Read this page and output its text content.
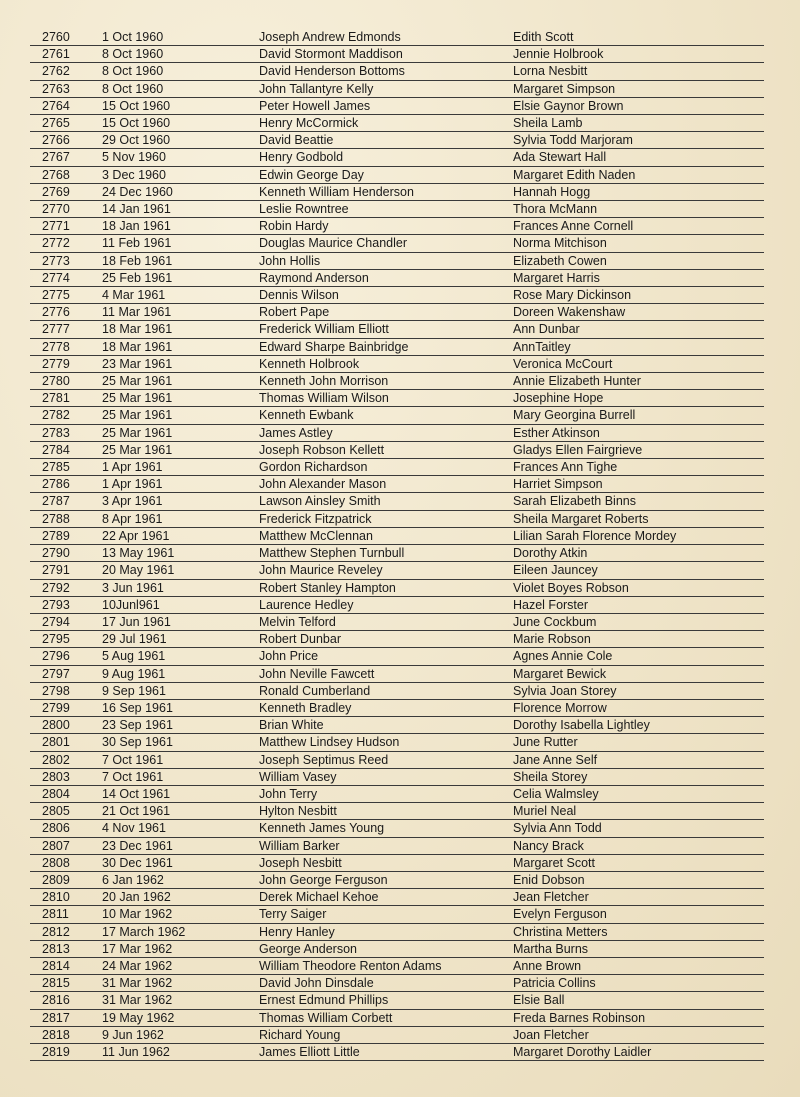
2760	1 Oct 1960	Joseph Andrew Edmonds	Edith Scott
2761	8 Oct 1960	David Stormont Maddison	Jennie Holbrook
2762	8 Oct 1960	David Henderson Bottoms	Lorna Nesbitt
2763	8 Oct 1960	John Tallantyre Kelly	Margaret Simpson
2764	15 Oct 1960	Peter Howell James	Elsie Gaynor Brown
2765	15 Oct 1960	Henry McCormick	Sheila Lamb
2766	29 Oct 1960	David Beattie	Sylvia Todd Marjoram
2767	5 Nov 1960	Henry Godbold	Ada Stewart Hall
2768	3 Dec 1960	Edwin George Day	Margaret Edith Naden
2769	24 Dec 1960	Kenneth William Henderson	Hannah Hogg
2770	14 Jan 1961	Leslie Rowntree	Thora McMann
2771	18 Jan 1961	Robin Hardy	Frances Anne Cornell
2772	11 Feb 1961	Douglas Maurice Chandler	Norma Mitchison
2773	18 Feb 1961	John Hollis	Elizabeth Cowen
2774	25 Feb 1961	Raymond Anderson	Margaret Harris
2775	4 Mar 1961	Dennis Wilson	Rose Mary Dickinson
2776	11 Mar 1961	Robert Pape	Doreen Wakenshaw
2777	18 Mar 1961	Frederick William Elliott	Ann Dunbar
2778	18 Mar 1961	Edward Sharpe Bainbridge	AnnTaitley
2779	23 Mar 1961	Kenneth Holbrook	Veronica McCourt
2780	25 Mar 1961	Kenneth John Morrison	Annie Elizabeth Hunter
2781	25 Mar 1961	Thomas William Wilson	Josephine Hope
2782	25 Mar 1961	Kenneth Ewbank	Mary Georgina Burrell
2783	25 Mar 1961	James Astley	Esther Atkinson
2784	25 Mar 1961	Joseph Robson Kellett	Gladys Ellen Fairgrieve
2785	1 Apr 1961	Gordon Richardson	Frances Ann Tighe
2786	1 Apr 1961	John Alexander Mason	Harriet Simpson
2787	3 Apr 1961	Lawson Ainsley Smith	Sarah Elizabeth Binns
2788	8 Apr 1961	Frederick Fitzpatrick	Sheila Margaret Roberts
2789	22 Apr 1961	Matthew McClennan	Lilian Sarah Florence Mordey
2790	13 May 1961	Matthew Stephen Turnbull	Dorothy Atkin
2791	20 May 1961	John Maurice Reveley	Eileen Jauncey
2792	3 Jun 1961	Robert Stanley Hampton	Violet Boyes Robson
2793	10Junl961	Laurence Hedley	Hazel Forster
2794	17 Jun 1961	Melvin Telford	June Cockbum
2795	29 Jul 1961	Robert Dunbar	Marie Robson
2796	5 Aug 1961	John Price	Agnes Annie Cole
2797	9 Aug 1961	John Neville Fawcett	Margaret Bewick
2798	9 Sep 1961	Ronald Cumberland	Sylvia Joan Storey
2799	16 Sep 1961	Kenneth Bradley	Florence Morrow
2800	23 Sep 1961	Brian White	Dorothy Isabella Lightley
2801	30 Sep 1961	Matthew Lindsey Hudson	June Rutter
2802	7 Oct 1961	Joseph Septimus Reed	Jane Anne Self
2803	7 Oct 1961	William Vasey	Sheila Storey
2804	14 Oct 1961	John Terry	Celia Walmsley
2805	21 Oct 1961	Hylton Nesbitt	Muriel Neal
2806	4 Nov 1961	Kenneth James Young	Sylvia Ann Todd
2807	23 Dec 1961	William Barker	Nancy Brack
2808	30 Dec 1961	Joseph Nesbitt	Margaret Scott
2809	6 Jan 1962	John George Ferguson	Enid Dobson
2810	20 Jan 1962	Derek Michael Kehoe	Jean Fletcher
2811	10 Mar 1962	Terry Saiger	Evelyn Ferguson
2812	17 March 1962	Henry Hanley	Christina Metters
2813	17 Mar 1962	George Anderson	Martha Burns
2814	24 Mar 1962	William Theodore Renton Adams	Anne Brown
2815	31 Mar 1962	David John Dinsdale	Patricia Collins
2816	31 Mar 1962	Ernest Edmund Phillips	Elsie Ball
2817	19 May 1962	Thomas William Corbett	Freda Barnes Robinson
2818	9 Jun 1962	Richard Young	Joan Fletcher
2819	11 Jun 1962	James Elliott Little	Margaret Dorothy Laidler
